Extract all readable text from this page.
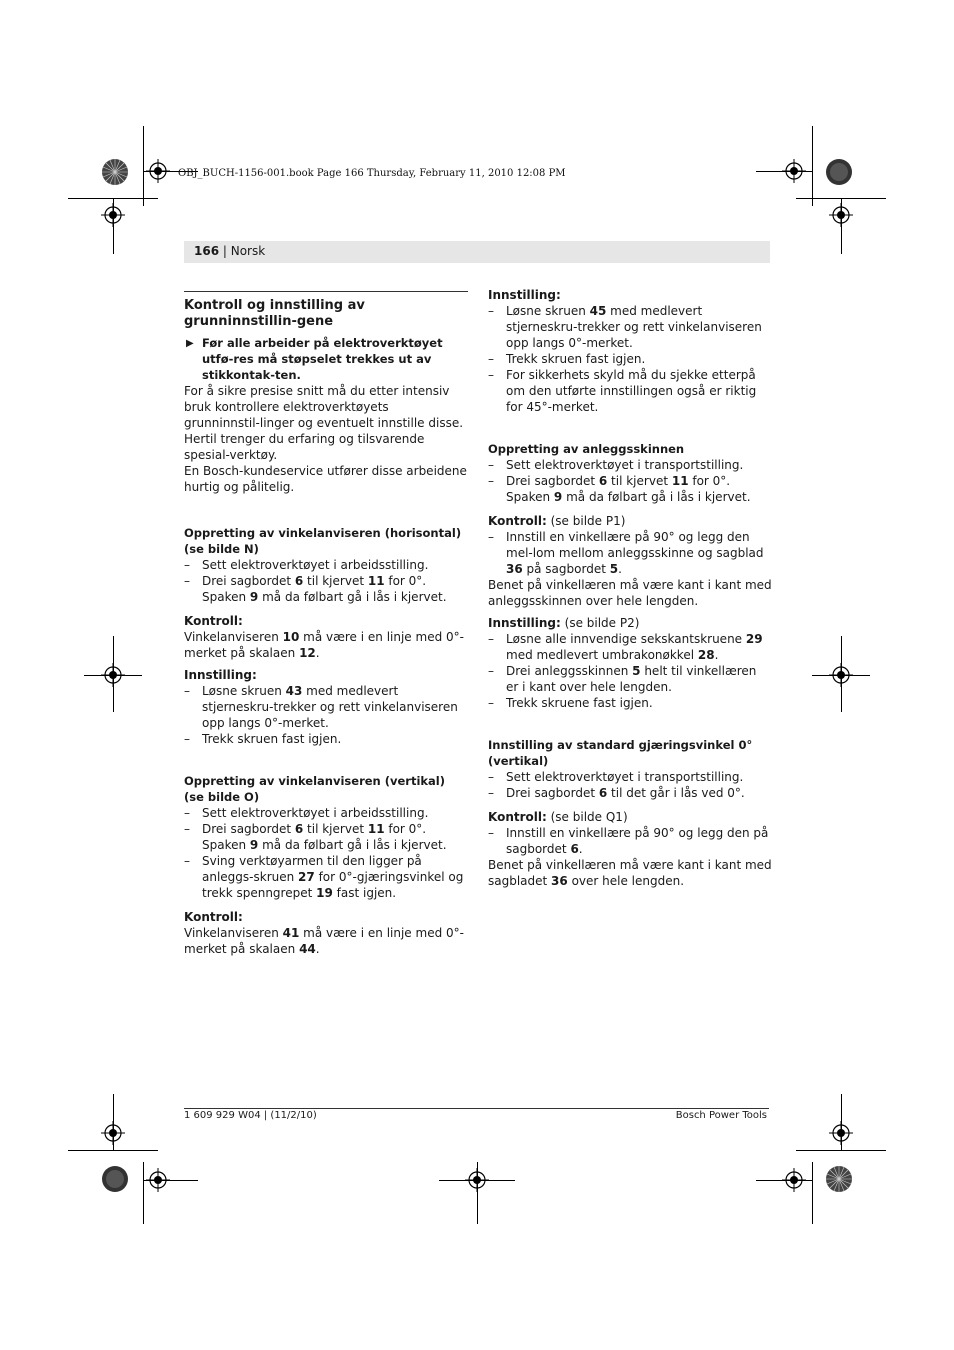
OBJ_BUCH-1156-001.book Page 166 Thursday, February 11, 2010 12:08 PM
166 | Norsk
Kontroll og innstilling av grunninnstillin-gene
▶ Før alle arbeider på elektroverktøyet utfø-res må støpselet trekkes ut av stikkontak-ten.

For å sikre presise snitt må du etter intensiv bruk kontrollere elektroverktøyets grunninnstil-linger og eventuelt innstille disse.

Hertil trenger du erfaring og tilsvarende spesial-verktøy.

En Bosch-kundeservice utfører disse arbeidene hurtig og pålitelig.

Oppretting av vinkelanviseren (horisontal) (se bilde N)
– Sett elektroverktøyet i arbeidsstilling.
– Drei sagbordet 6 til kjervet 11 for 0°. Spaken 9 må da følbart gå i lås i kjervet.
Kontroll:

Vinkelanviseren 10 må være i en linje med 0°-merket på skalaen 12.

Innstilling:
– Løsne skruen 43 med medlevert stjerneskru-trekker og rett vinkelanviseren opp langs 0°-merket.
– Trekk skruen fast igjen.
Oppretting av vinkelanviseren (vertikal) (se bilde O)
– Sett elektroverktøyet i arbeidsstilling.
– Drei sagbordet 6 til kjervet 11 for 0°. Spaken 9 må da følbart gå i lås i kjervet.
– Sving verktøyarmen til den ligger på anleggs-skruen 27 for 0°-gjæringsvinkel og trekk spenngrepet 19 fast igjen.
Kontroll:

Vinkelanviseren 41 må være i en linje med 0°-merket på skalaen 44.

Innstilling:
– Løsne skruen 45 med medlevert stjerneskru-trekker og rett vinkelanviseren opp langs 0°-merket.
– Trekk skruen fast igjen.
– For sikkerhets skyld må du sjekke etterpå om den utførte innstillingen også er riktig for 45°-merket.
Oppretting av anleggsskinnen
– Sett elektroverktøyet i transportstilling.
– Drei sagbordet 6 til kjervet 11 for 0°. Spaken 9 må da følbart gå i lås i kjervet.
Kontroll: (se bilde P1)
– Innstill en vinkellære på 90° og legg den mel-lom mellom anleggsskinne og sagblad 36 på sagbordet 5.

Benet på vinkellæren må være kant i kant med anleggsskinnen over hele lengden.

Innstilling: (se bilde P2)
– Løsne alle innvendige sekskantskruene 29 med medlevert umbrakonøkkel 28.
– Drei anleggsskinnen 5 helt til vinkellæren er i kant over hele lengden.
– Trekk skruene fast igjen.
Innstilling av standard gjæringsvinkel 0° (vertikal)
– Sett elektroverktøyet i transportstilling.
– Drei sagbordet 6 til det går i lås ved 0°.
Kontroll: (se bilde Q1)
– Innstill en vinkellære på 90° og legg den på sagbordet 6.

Benet på vinkellæren må være kant i kant med sagbladet 36 over hele lengden.

1 609 929 W04 | (11/2/10)	Bosch Power Tools
